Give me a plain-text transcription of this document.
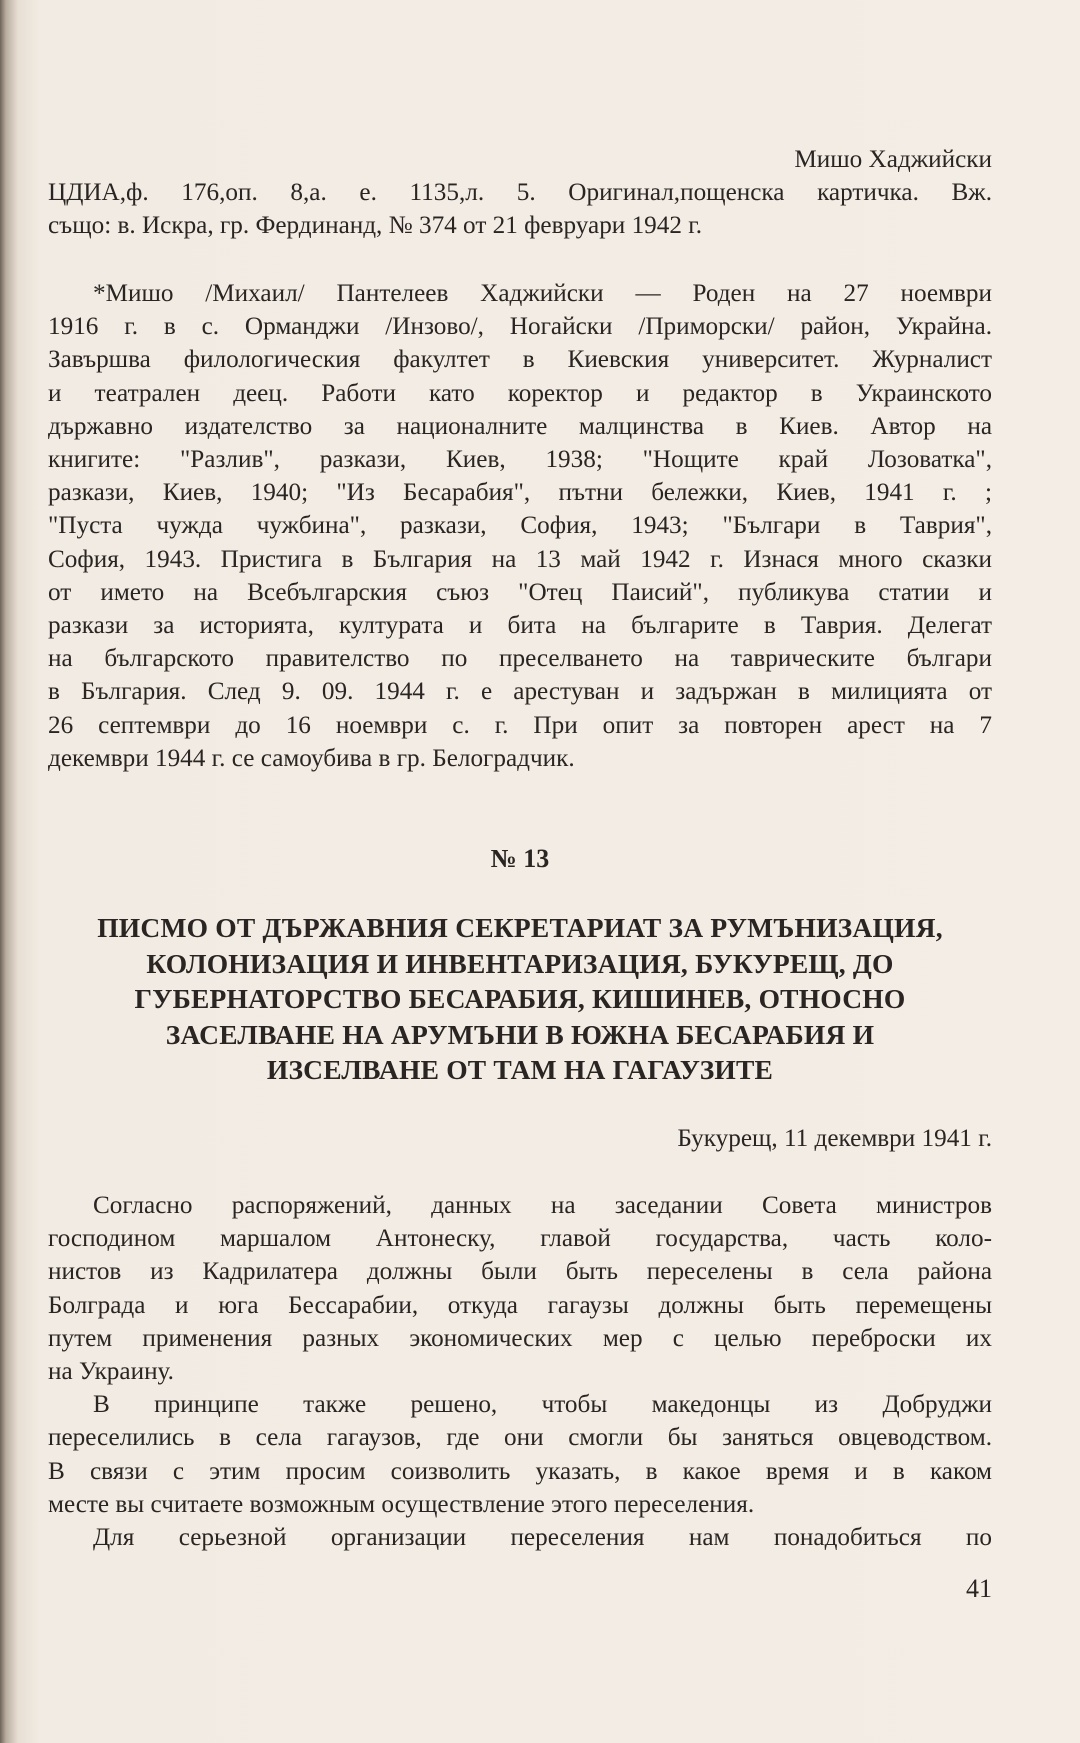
Мишо Хаджийски
ЦДИА,ф. 176,оп. 8,а. е. 1135,л. 5. Оригинал,пощенска картичка. Вж.
също: в. Искра, гр. Фердинанд, № 374 от 21 февруари 1942 г.
*Мишо /Михаил/ Пантелеев Хаджийски — Роден на 27 ноември
1916 г. в с. Орманджи /Инзово/, Ногайски /Приморски/ район, Украйна.
Завършва филологическия факултет в Киевския университет. Журналист
и театрален деец. Работи като коректор и редактор в Украинското
държавно издателство за националните малцинства в Киев. Автор на
книгите: "Разлив", разкази, Киев, 1938; "Нощите край Лозоватка",
разкази, Киев, 1940; "Из Бесарабия", пътни бележки, Киев, 1941 г. ;
"Пуста чужда чужбина", разкази, София, 1943; "Българи в Таврия",
София, 1943. Пристига в България на 13 май 1942 г. Изнася много сказки
от името на Всебългарския съюз "Отец Паисий", публикува статии и
разкази за историята, културата и бита на българите в Таврия. Делегат
на българското правителство по преселването на таврическите българи
в България. След 9. 09. 1944 г. е арестуван и задържан в милицията от
26 септември до 16 ноември с. г. При опит за повторен арест на 7
декември 1944 г. се самоубива в гр. Белоградчик.
№ 13
ПИСМО ОТ ДЪРЖАВНИЯ СЕКРЕТАРИАТ ЗА РУМЪНИЗАЦИЯ,
КОЛОНИЗАЦИЯ И ИНВЕНТАРИЗАЦИЯ, БУКУРЕЩ, ДО
ГУБЕРНАТОРСТВО БЕСАРАБИЯ, КИШИНЕВ, ОТНОСНО
ЗАСЕЛВАНЕ НА АРУМЪНИ В ЮЖНА БЕСАРАБИЯ И
ИЗСЕЛВАНЕ ОТ ТАМ НА ГАГАУЗИТЕ
Букурещ, 11 декември 1941 г.
Согласно распоряжений, данных на заседании Совета министров
господином маршалом Антонеску, главой государства, часть коло-
нистов из Кадрилатера должны были быть переселены в села района
Болграда и юга Бессарабии, откуда гагаузы должны быть перемещены
путем применения разных экономических мер с целью переброски их
на Украину.
В принципе также решено, чтобы македонцы из Добруджи
переселились в села гагаузов, где они смогли бы заняться овцеводством.
В связи с этим просим соизволить указать, в какое время и в каком
месте вы считаете возможным осуществление этого переселения.
Для серьезной организации переселения нам понадобиться по
41
